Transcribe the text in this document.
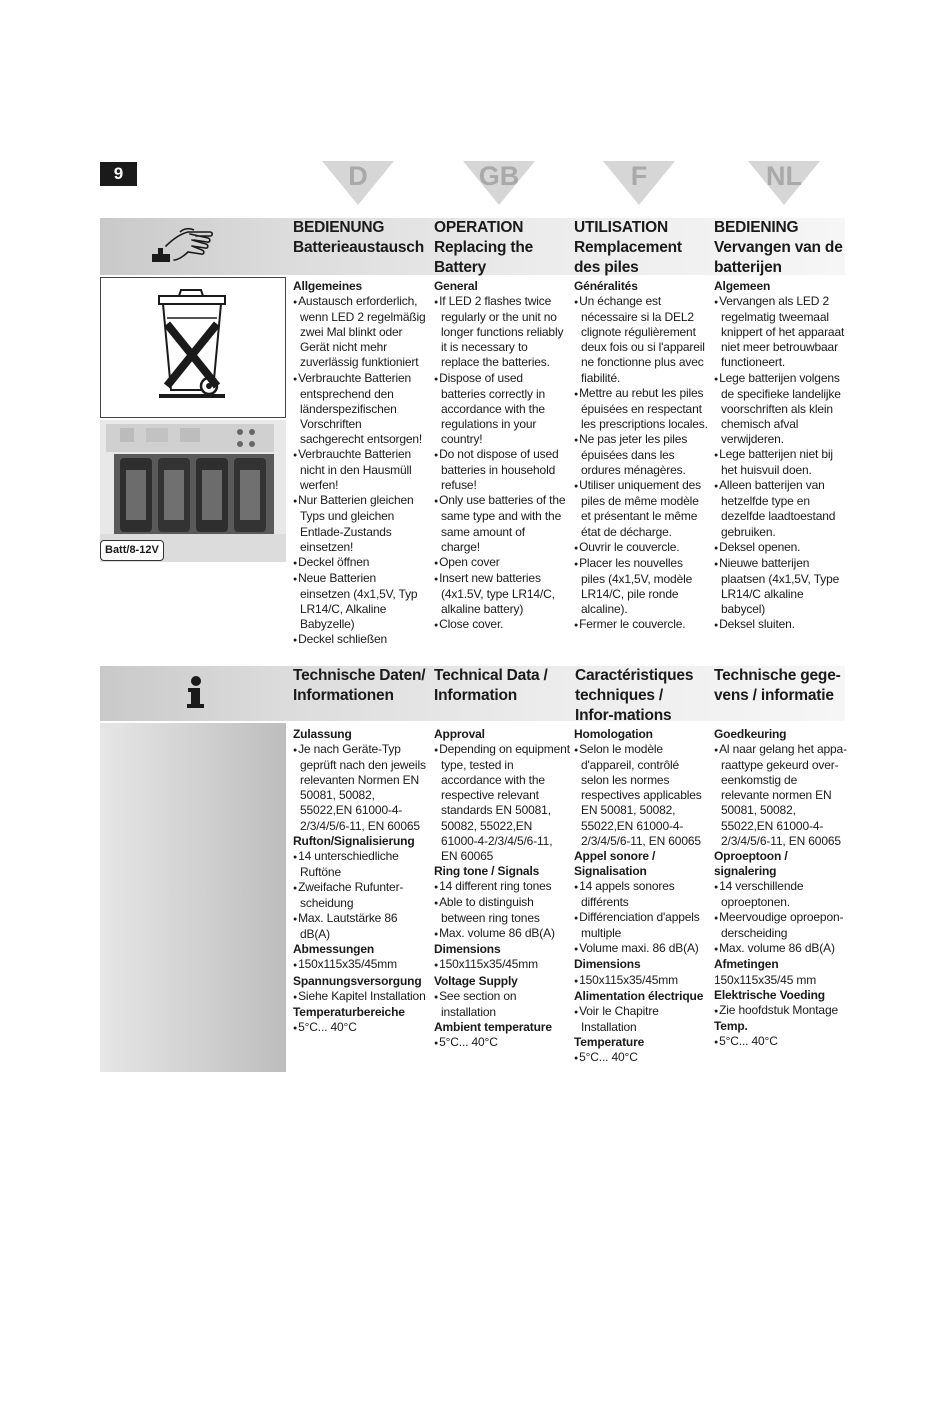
9	D	GB	F	NL
BEDIENUNG
Batterieaustausch
OPERATION
Replacing the Battery
UTILISATION
Remplacement des piles
BEDIENING
Vervangen van de batterijen
Batt/8-12V
Allgemeines
● Austausch erforderlich, wenn LED 2 regelmäßig zwei Mal blinkt oder Gerät nicht mehr zuverlässig funktioniert
● Verbrauchte Batterien entsprechend den länderspezifischen Vorschriften sachgerecht entsorgen!
● Verbrauchte Batterien nicht in den Hausmüll werfen!
● Nur Batterien gleichen Typs und gleichen Entlade-Zustands einsetzen!
● Deckel öffnen
● Neue Batterien einsetzen (4x1,5V, Typ LR14/C, Alkaline Babyzelle)
● Deckel schließen
General
● If LED 2 flashes twice regularly or the unit no longer functions reliably it is necessary to replace the batteries.
● Dispose of used batteries correctly in accordance with the regulations in your country!
● Do not dispose of used batteries in household refuse!
● Only use batteries of the same type and with the same amount of charge!
● Open cover
● Insert new batteries (4x1.5V, type LR14/C, alkaline battery)
● Close cover.
Généralités
● Un échange est nécessaire si la DEL2 clignote régulièrement deux fois ou si l'appareil ne fonctionne plus avec fiabilité.
● Mettre au rebut les piles épuisées en respectant les prescriptions locales.
● Ne pas jeter les piles épuisées dans les ordures ménagères.
● Utiliser uniquement des piles de même modèle et présentant le même état de décharge.
● Ouvrir le couvercle.
● Placer les nouvelles piles (4x1,5V, modèle LR14/C, pile ronde alcaline).
● Fermer le couvercle.
Algemeen
● Vervangen als LED 2 regelmatig tweemaal knippert of het apparaat niet meer betrouwbaar functioneert.
● Lege batterijen volgens de specifieke landelijke voorschriften als klein chemisch afval verwijderen.
● Lege batterijen niet bij het huisvuil doen.
● Alleen batterijen van hetzelfde type en dezelfde laadtoestand gebruiken.
● Deksel openen.
● Nieuwe batterijen plaatsen (4x1,5V, Type LR14/C alkaline babycel)
● Deksel sluiten.
Technische Daten/
Informationen
Technical Data /
Information
Caractéristiques
techniques / Infor-mations
Technische gege-
vens / informatie
Zulassung
● Je nach Geräte-Typ geprüft nach den jeweils relevanten Normen EN 50081, 50082, 55022,EN 61000-4-2/3/4/5/6-11, EN 60065
Rufton/Signalisierung
● 14 unterschiedliche Ruftöne
● Zweifache Rufunter-scheidung
● Max. Lautstärke 86 dB(A)
Abmessungen
● 150x115x35/45mm
Spannungsversorgung
● Siehe Kapitel Installation
Temperaturbereiche
● 5°C... 40°C
Approval
● Depending on equipment type, tested in accordance with the respective relevant standards EN 50081, 50082, 55022,EN 61000-4-2/3/4/5/6-11, EN 60065
Ring tone / Signals
● 14 different ring tones
● Able to distinguish between ring tones
● Max. volume 86 dB(A)
Dimensions
● 150x115x35/45mm
Voltage Supply
● See section on installation
Ambient temperature
● 5°C... 40°C
Homologation
● Selon le modèle d'appareil, contrôlé selon les normes respectives applicables EN 50081, 50082, 55022,EN 61000-4-2/3/4/5/6-11, EN 60065
Appel sonore / Signalisation
● 14 appels sonores différents
● Différenciation d'appels multiple
● Volume maxi. 86 dB(A)
Dimensions
● 150x115x35/45mm
Alimentation électrique
● Voir le Chapitre Installation
Temperature
● 5°C... 40°C
Goedkeuring
● Al naar gelang het appa-raattype gekeurd over-eenkomstig de relevante normen EN 50081, 50082, 55022,EN 61000-4-2/3/4/5/6-11, EN 60065
Oproeptoon / signalering
● 14 verschillende oproeptonen.
● Meervoudige oproepon-derscheiding
● Max. volume 86 dB(A)
Afmetingen
150x115x35/45 mm
Elektrische Voeding
● Zie hoofdstuk Montage
Temp.
● 5°C... 40°C
